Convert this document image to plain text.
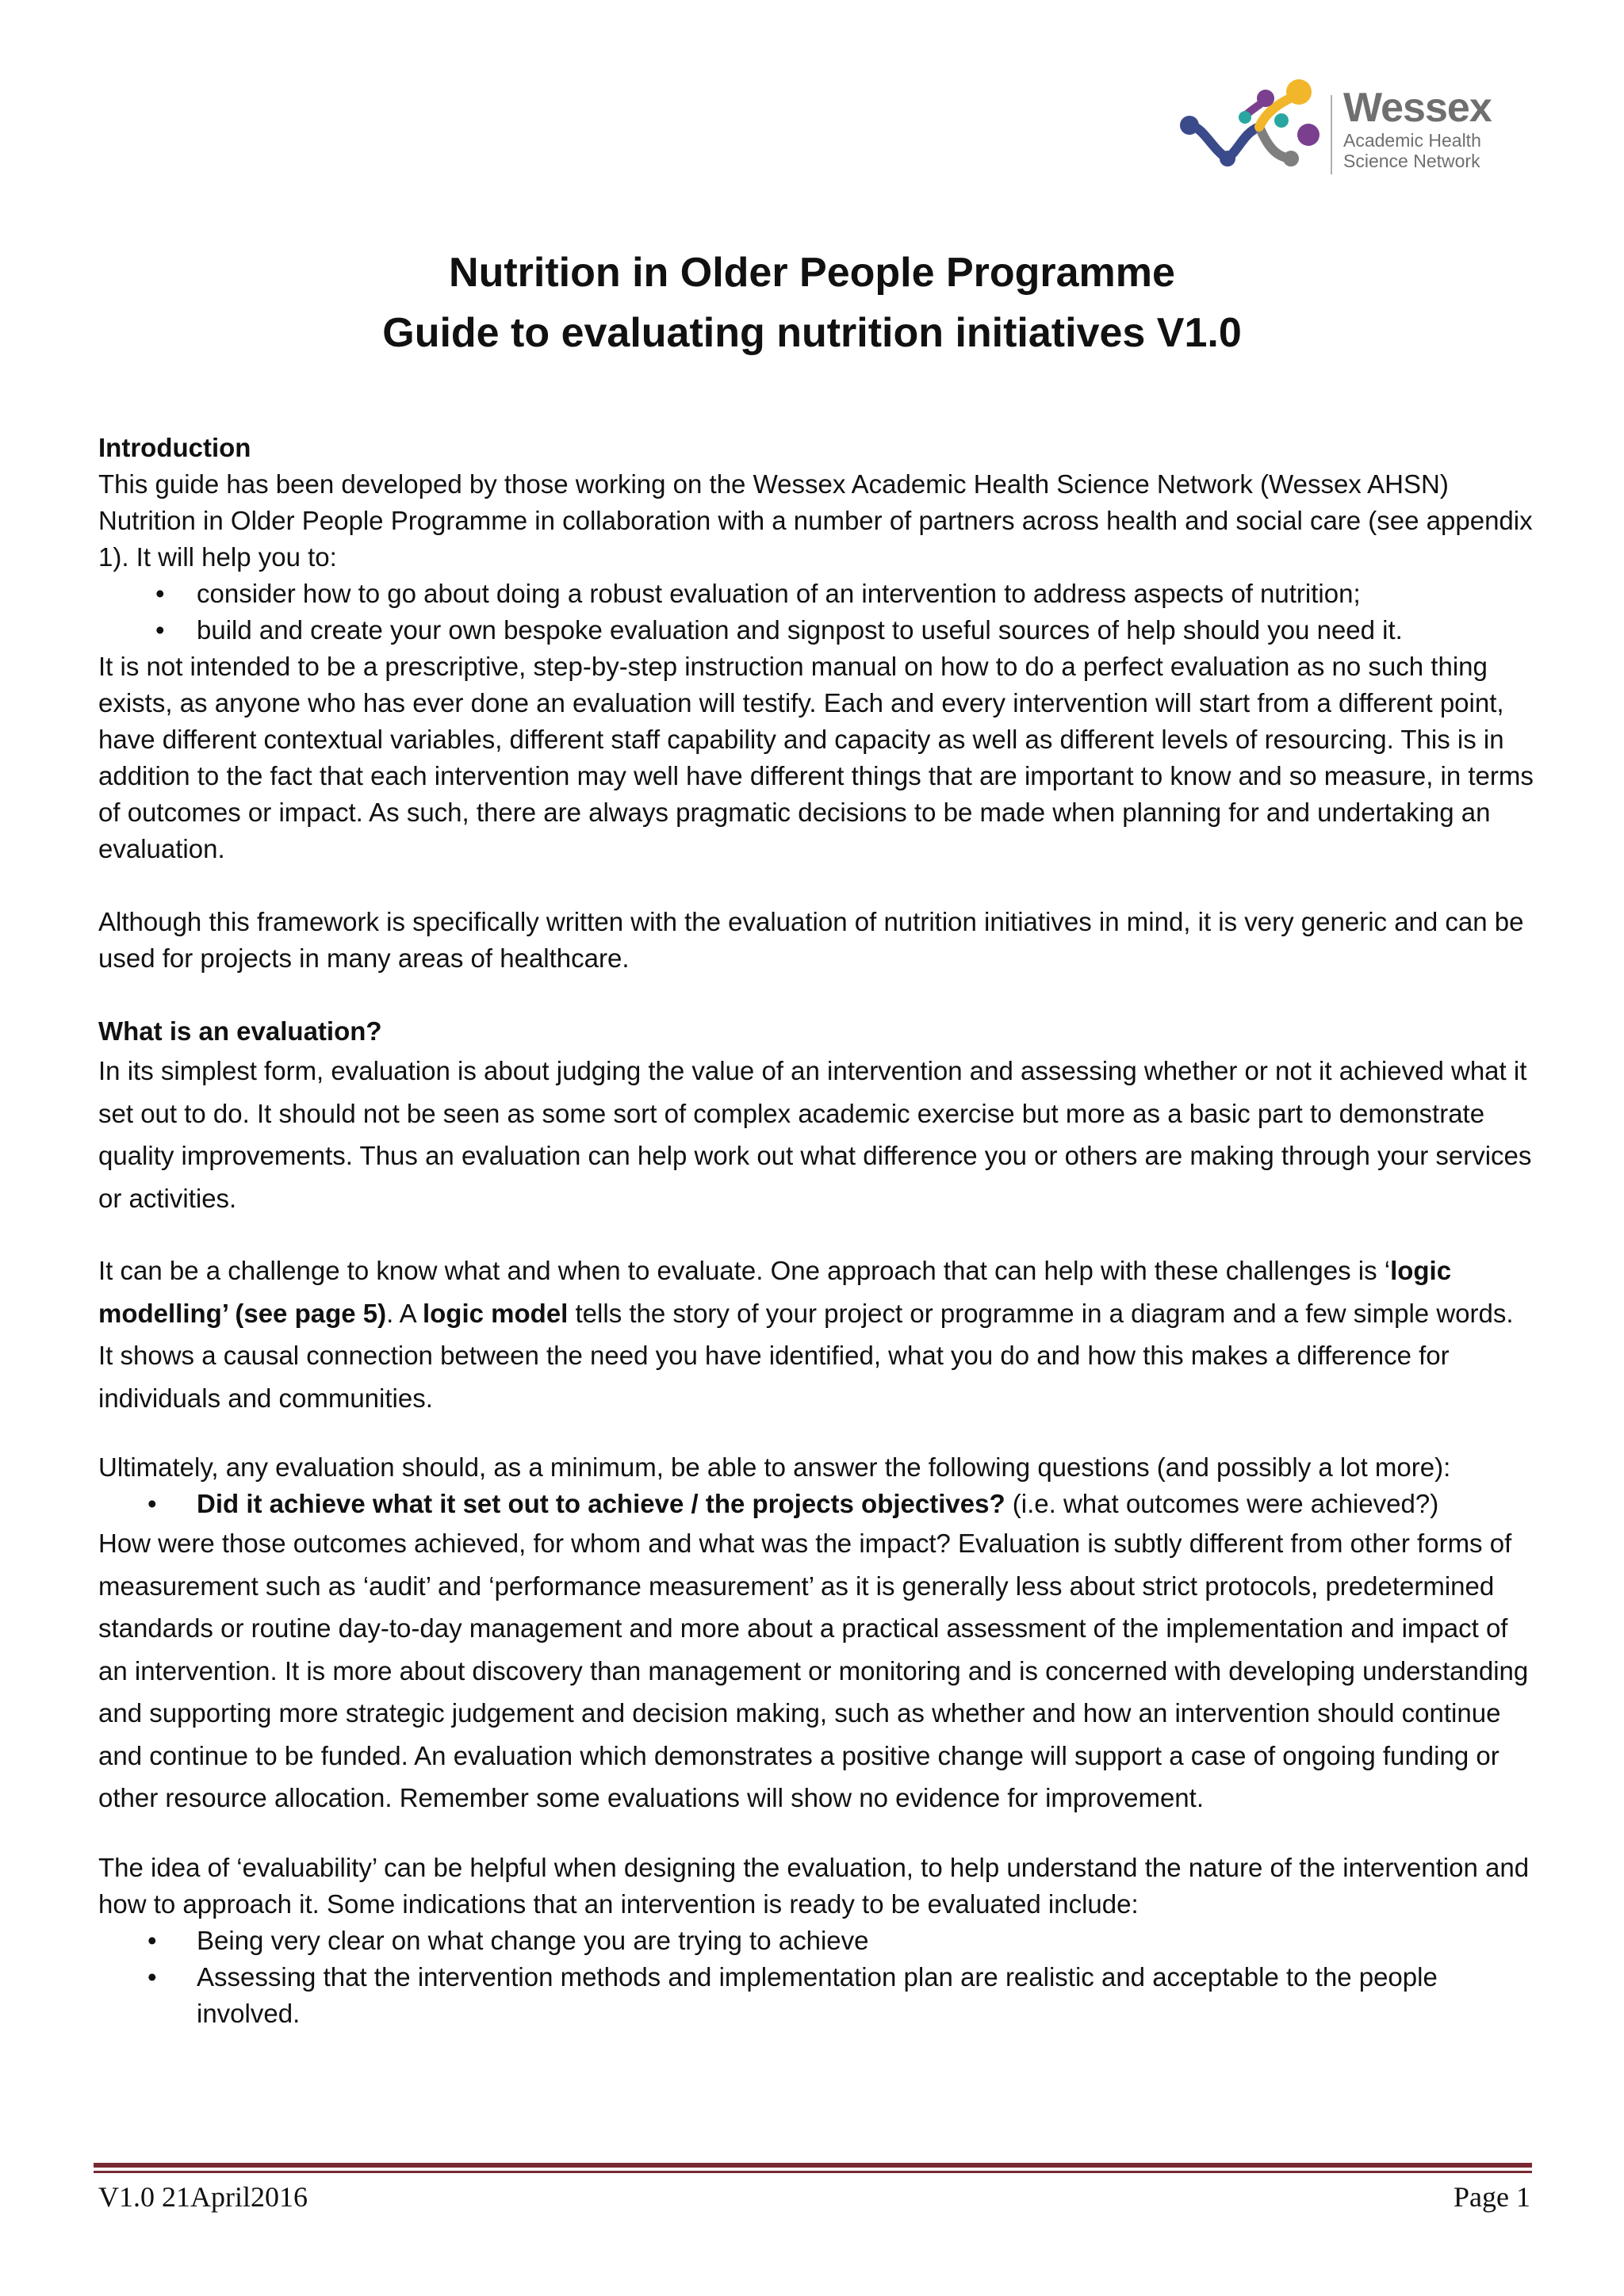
Wessex
Academic Health
Science Network
Nutrition in Older People Programme
Guide to evaluating nutrition initiatives V1.0

Introduction

This guide has been developed by those working on the Wessex Academic Health Science Network (Wessex AHSN) Nutrition in Older People Programme in collaboration with a number of partners across health and social care (see appendix 1). It will help you to:

• consider how to go about doing a robust evaluation of an intervention to address aspects of nutrition;
• build and create your own bespoke evaluation and signpost to useful sources of help should you need it.

It is not intended to be a prescriptive, step-by-step instruction manual on how to do a perfect evaluation as no such thing exists, as anyone who has ever done an evaluation will testify. Each and every intervention will start from a different point, have different contextual variables, different staff capability and capacity as well as different levels of resourcing. This is in addition to the fact that each intervention may well have different things that are important to know and so measure, in terms of outcomes or impact. As such, there are always pragmatic decisions to be made when planning for and undertaking an evaluation.

Although this framework is specifically written with the evaluation of nutrition initiatives in mind, it is very generic and can be used for projects in many areas of healthcare.

What is an evaluation?

In its simplest form, evaluation is about judging the value of an intervention and assessing whether or not it achieved what it set out to do. It should not be seen as some sort of complex academic exercise but more as a basic part to demonstrate quality improvements. Thus an evaluation can help work out what difference you or others are making through your services or activities.

It can be a challenge to know what and when to evaluate. One approach that can help with these challenges is ‘logic modelling’ (see page 5). A logic model tells the story of your project or programme in a diagram and a few simple words. It shows a causal connection between the need you have identified, what you do and how this makes a difference for individuals and communities.

Ultimately, any evaluation should, as a minimum, be able to answer the following questions (and possibly a lot more):

• Did it achieve what it set out to achieve / the projects objectives? (i.e. what outcomes were achieved?)

How were those outcomes achieved, for whom and what was the impact? Evaluation is subtly different from other forms of measurement such as ‘audit’ and ‘performance measurement’ as it is generally less about strict protocols, predetermined standards or routine day-to-day management and more about a practical assessment of the implementation and impact of an intervention. It is more about discovery than management or monitoring and is concerned with developing understanding and supporting more strategic judgement and decision making, such as whether and how an intervention should continue and continue to be funded. An evaluation which demonstrates a positive change will support a case of ongoing funding or other resource allocation. Remember some evaluations will show no evidence for improvement.

The idea of ‘evaluability’ can be helpful when designing the evaluation, to help understand the nature of the intervention and how to approach it. Some indications that an intervention is ready to be evaluated include:

• Being very clear on what change you are trying to achieve
• Assessing that the intervention methods and implementation plan are realistic and acceptable to the people involved.
V1.0 21April2016	Page 1
